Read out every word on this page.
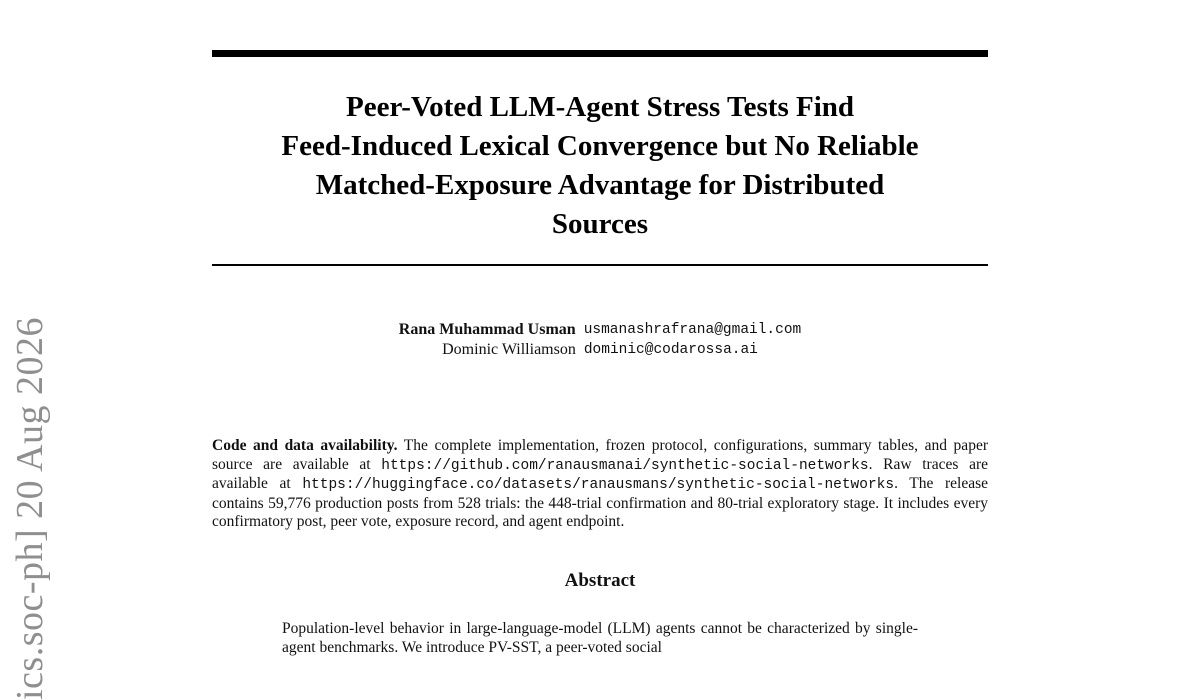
ics.soc-ph] 20 Aug 2026
Peer-Voted LLM-Agent Stress Tests Find
Feed-Induced Lexical Convergence but No Reliable
Matched-Exposure Advantage for Distributed
Sources
Rana Muhammad Usman usmanashrafrana@gmail.com
Dominic Williamson dominic@codarossa.ai
Code and data availability. The complete implementation, frozen protocol, configurations, summary tables, and paper source are available at https://github.com/ranausmanai/synthetic-social-networks. Raw traces are available at https://huggingface.co/datasets/ranausmans/synthetic-social-networks. The release contains 59,776 production posts from 528 trials: the 448-trial confirmation and 80-trial exploratory stage. It includes every confirmatory post, peer vote, exposure record, and agent endpoint.
Abstract
Population-level behavior in large-language-model (LLM) agents cannot be characterized by single-agent benchmarks. We introduce PV-SST, a peer-voted social
